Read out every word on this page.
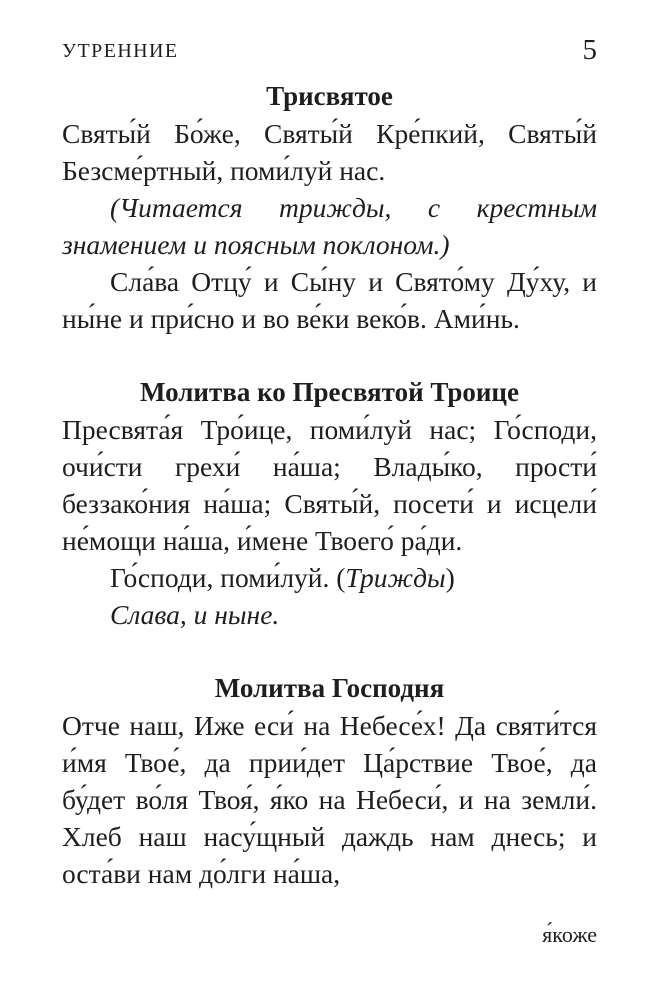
УТРЕННИЕ	5
Трисвятое

Святы́й Бо́же, Святы́й Кре́пкий, Святы́й Безсме́ртный, поми́луй нас.

(Читается трижды, с крестным знамением и поясным поклоном.)

Сла́ва Отцу́ и Сы́ну и Свято́му Ду́ху, и ны́не и при́сно и во ве́ки веко́в. Ами́нь.

Молитва ко Пресвятой Троице

Пресвята́я Тро́ице, поми́луй нас; Го́споди, очи́сти грехи́ на́ша; Влады́ко, прости́ беззако́ния на́ша; Святы́й, посети́ и исцели́ не́мощи на́ша, и́мене Твоего́ ра́ди.

Го́споди, поми́луй. (Трижды)

Слава, и ныне.

Молитва Господня

Отче наш, Иже еси́ на Небесе́х! Да святи́тся и́мя Твое́, да прии́дет Ца́рствие Твое́, да бу́дет во́ля Твоя́, я́ко на Небеси́, и на земли́. Хлеб наш насу́щный даждь нам днесь; и оста́ви нам до́лги на́ша,

я́коже
